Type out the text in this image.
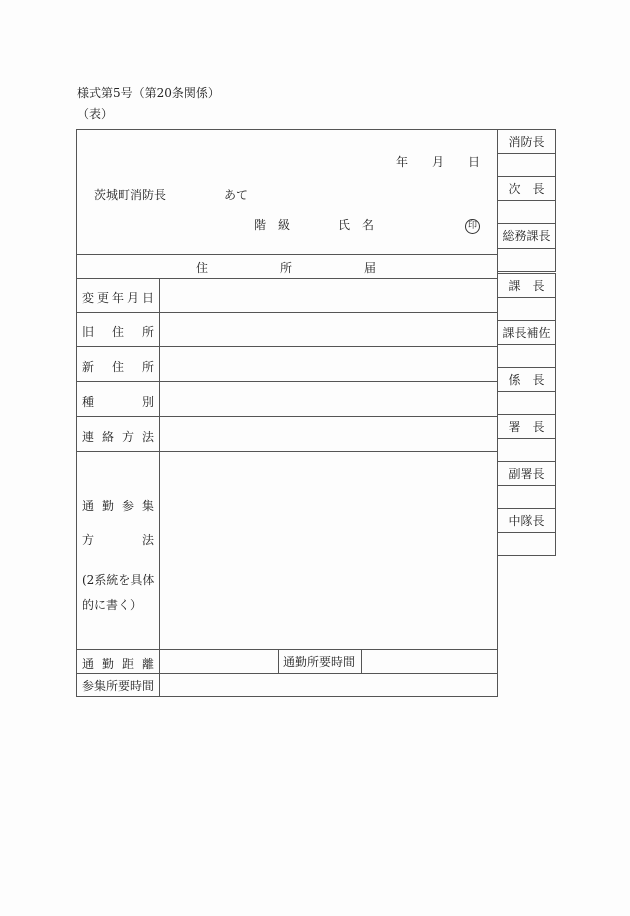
様式第5号（第20条関係）
（表）
年 月 日
茨城町消防長	あて
階　級	氏　名	印
住	所	届
変 更 年 月 日
旧 住 所
新 住 所
種	別
連 絡 方 法
通 勤 参 集
方	法
(2系統を具体
的に書く）
通 勤 距 離	通勤所要時間
参集所要時間
消防長
次　長
総務課長
課　長
課長補佐
係　長
署　長
副署長
中隊長
